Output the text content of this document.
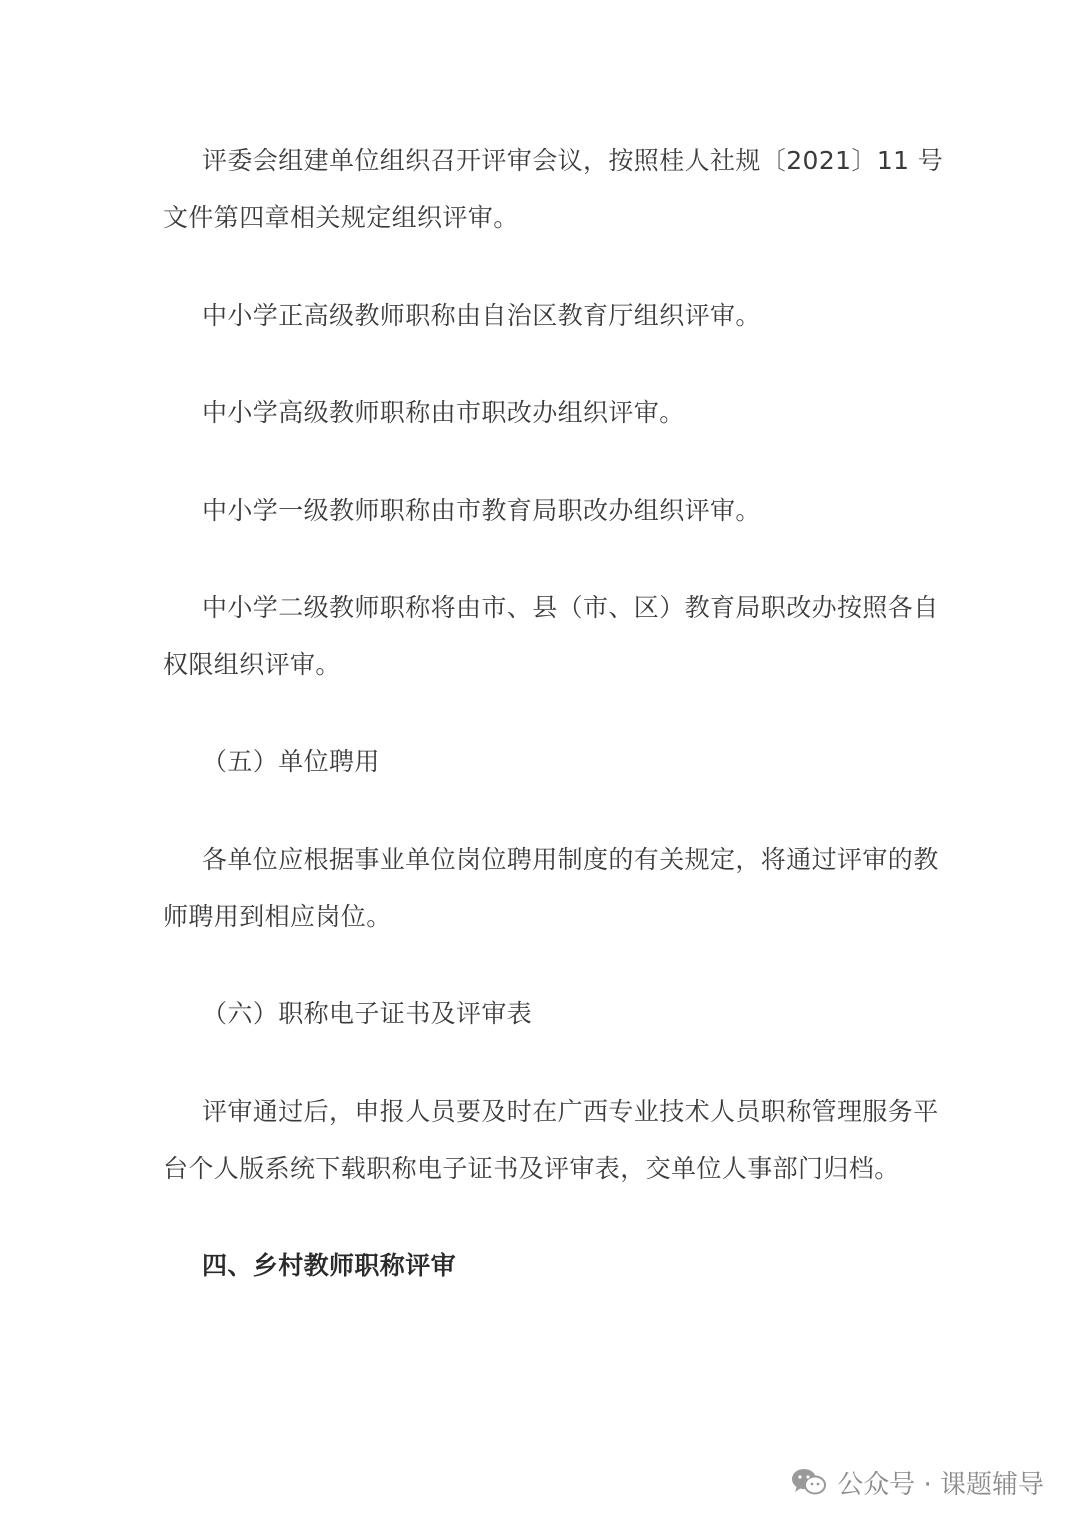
评委会组建单位组织召开评审会议，按照桂人社规〔2021〕11 号
文件第四章相关规定组织评审。
中小学正高级教师职称由自治区教育厅组织评审。
中小学高级教师职称由市职改办组织评审。
中小学一级教师职称由市教育局职改办组织评审。
中小学二级教师职称将由市、县（市、区）教育局职改办按照各自
权限组织评审。
（五）单位聘用
各单位应根据事业单位岗位聘用制度的有关规定，将通过评审的教
师聘用到相应岗位。
（六）职称电子证书及评审表
评审通过后，申报人员要及时在广西专业技术人员职称管理服务平
台个人版系统下载职称电子证书及评审表，交单位人事部门归档。
四、乡村教师职称评审
公众号 · 课题辅导
